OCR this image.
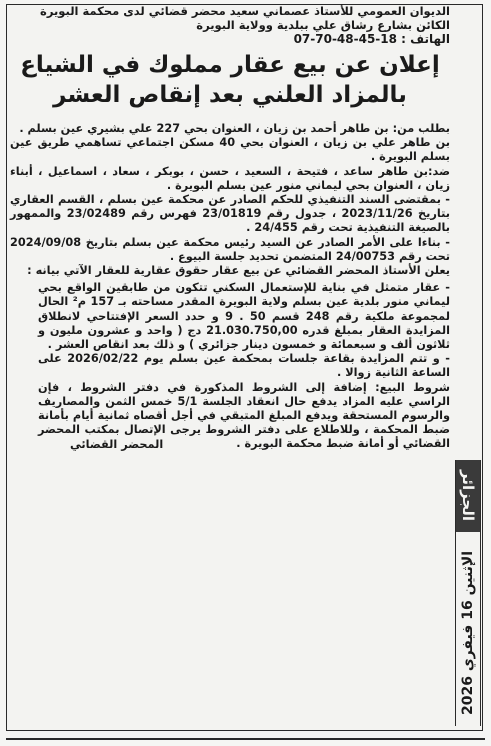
الديوان العمومي للأستاذ عصماني سعيد محضر قضائي لدى محكمة البويرة

الكائن بشارع رشاق علي ببلدية وولاية البويرة

07-70-48-45-18 الهاتف :

إعلان عن بيع عقار مملوك في الشياع
بالمزاد العلني بعد إنقاص العشر

بطلب من: بن طاهر أحمد بن زيان ، العنوان بحي 227 علي بشيري عين بسلم .

بن طاهر علي بن زيان ، العنوان بحي 40 مسكن اجتماعي تساهمي طريق عين بسلم البويرة .

ضد:بن طاهر ساعد ، فتيحة ، السعيد ، حسن ، بوبكر ، سعاد ، اسماعيل ، أبناء زيان ، العنوان بحي ليماني منور عين بسلم البويرة .

- بمقتضى السند التنفيذي للحكم الصادر عن محكمة عين بسلم ، القسم العقاري بتاريخ 2023/11/26 ، جدول رقم 23/01819 فهرس رقم 23/02489 والممهور بالصيغة التنفيذية تحت رقم 24/455 .

- بناءا على الأمر الصادر عن السيد رئيس محكمة عين بسلم بتاريخ 2024/09/08 تحت رقم 24/00753 المتضمن تحديد جلسة البيوع .

يعلن الأستاذ المحضر القضائي عن بيع عقار حقوق عقارية للعقار الآتي بيانه :

- عقار متمثل في بناية للإستعمال السكني تتكون من طابقين الواقع بحي ليماني منور بلدية عين بسلم ولاية البويرة المقدر مساحته بـ 157 م² الحال لمجموعة ملكية رقم 248 قسم 50 . 9 و حدد السعر الإفتتاحي لانطلاق المزايدة العقار بمبلغ قدره 21.030.750,00 دج ( واحد و عشرون مليون و ثلاثون ألف و سبعمائة و خمسون دينار جزائري ) و ذلك بعد انقاص العشر .

- و تتم المزايدة بقاعة جلسات بمحكمة عين بسلم يوم 2026/02/22 على الساعة الثانية زوالا .

شروط البيع: إضافة إلى الشروط المذكورة في دفتر الشروط ، فإن الراسي عليه المزاد يدفع حال انعقاد الجلسة 5/1 خمس الثمن والمصاريف والرسوم المستحقة ويدفع المبلغ المتبقي في أجل أقصاه ثمانية أيام بأمانة ضبط المحكمة ، وللاطلاع على دفتر الشروط يرجى الإتصال بمكتب المحضر القضائي أو أمانة ضبط محكمة البويرة .

المحضر القضائي

الجزائر
الإثنين 16 فيفري 2026
